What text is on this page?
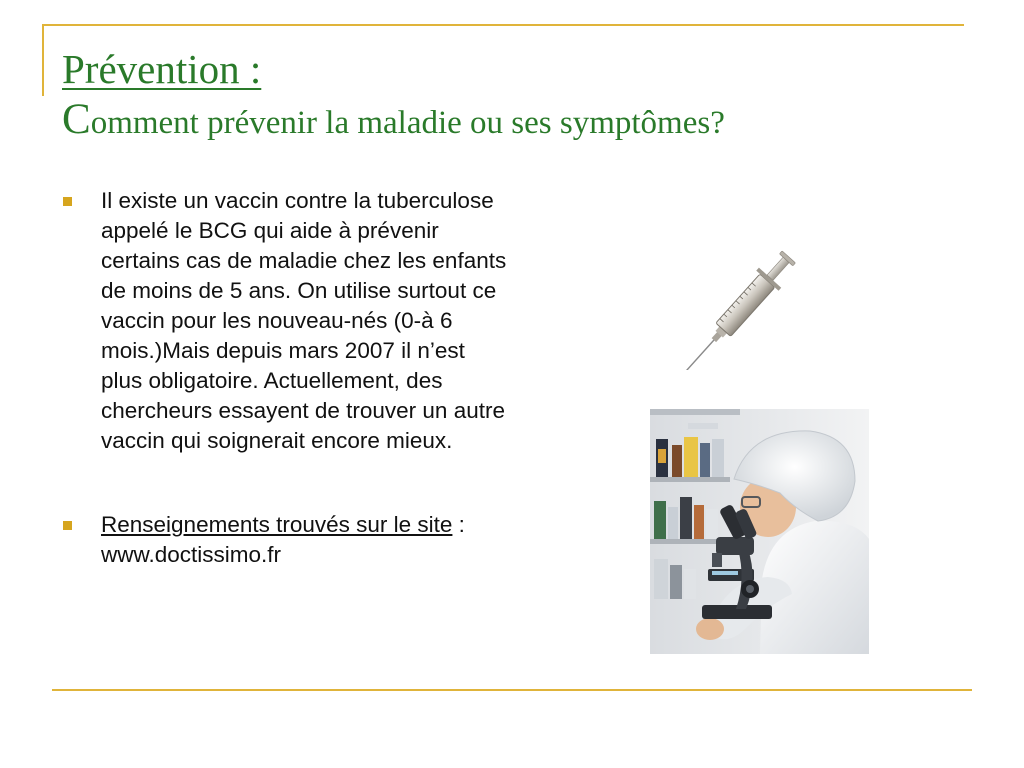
Prévention :
Comment prévenir la maladie ou ses symptômes?
Il existe un vaccin contre la tuberculose appelé le BCG qui aide à prévenir certains cas de maladie chez les enfants de moins de 5 ans. On utilise surtout ce vaccin pour les nouveau-nés (0-à 6 mois.)Mais depuis mars 2007 il n’est plus obligatoire. Actuellement, des chercheurs essayent de trouver un autre vaccin qui soignerait encore mieux.
Renseignements trouvés sur le site : www.doctissimo.fr
